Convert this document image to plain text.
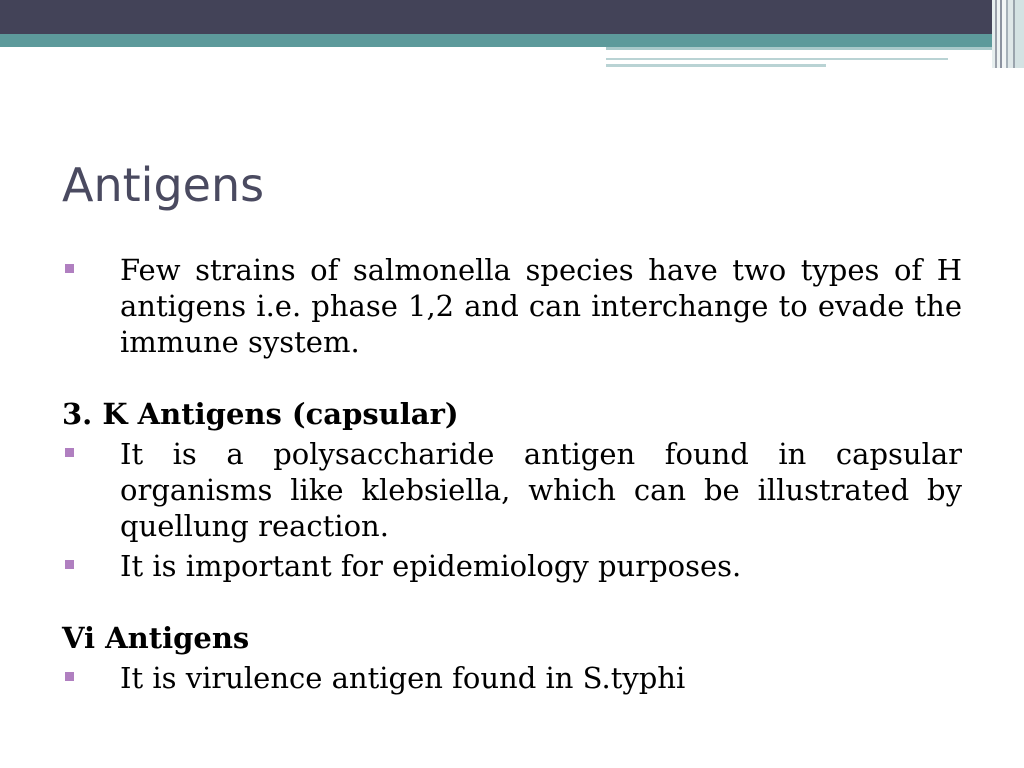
Antigens

Few strains of salmonella species have two types of H antigens i.e. phase 1,2 and can interchange to evade the immune system.

3. K Antigens (capsular)

It is a polysaccharide antigen found in capsular organisms like klebsiella, which can be illustrated by quellung reaction.

It is important for epidemiology purposes.

Vi Antigens

It is virulence antigen found in S.typhi
